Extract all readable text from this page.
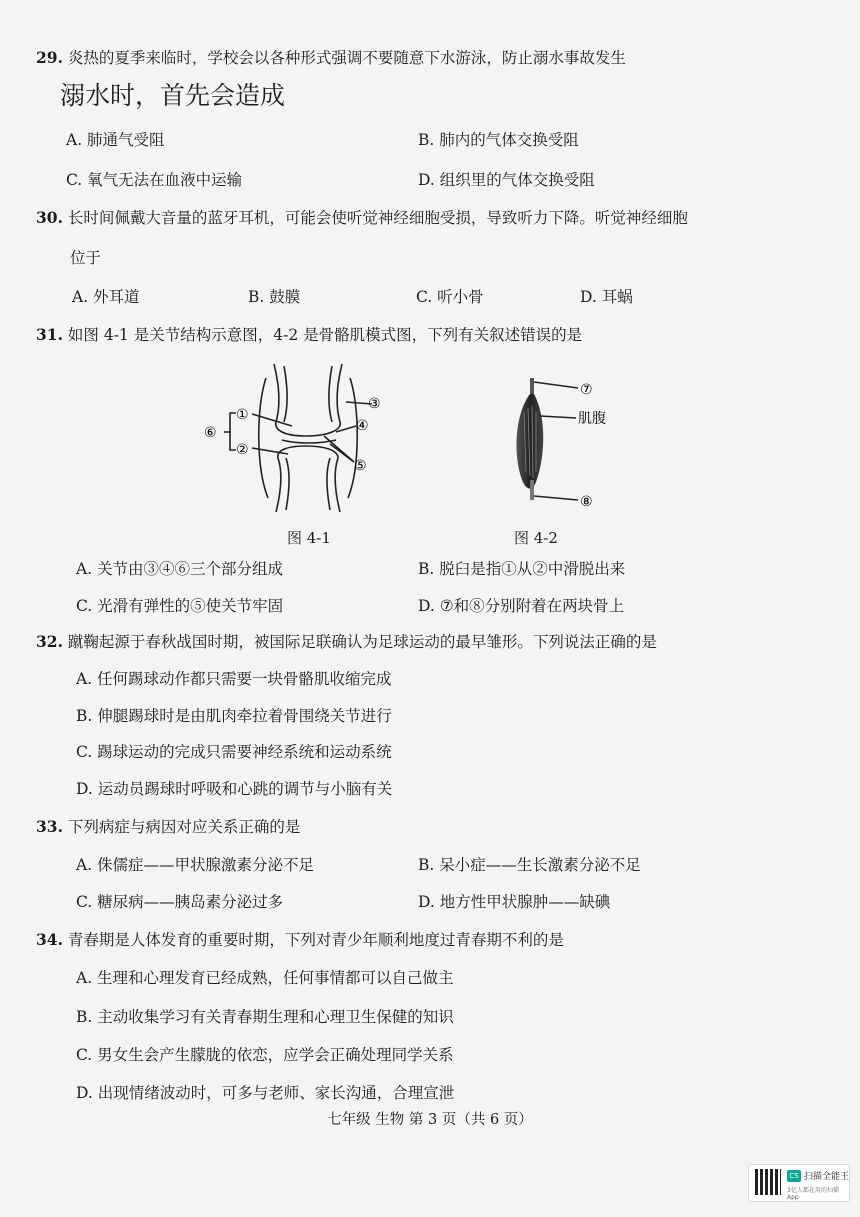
29. 炎热的夏季来临时，学校会以各种形式强调不要随意下水游泳，防止溺水事故发生
溺水时，首先会造成
A. 肺通气受阻	B. 肺内的气体交换受阻
C. 氧气无法在血液中运输	D. 组织里的气体交换受阻
30. 长时间佩戴大音量的蓝牙耳机，可能会使听觉神经细胞受损，导致听力下降。听觉神经细胞
位于
A. 外耳道	B. 鼓膜	C. 听小骨	D. 耳蜗
31. 如图 4-1 是关节结构示意图，4-2 是骨骼肌模式图，下列有关叙述错误的是
①
②
③
④
⑤
⑥
图 4-1
⑦
肌腹
⑧
图 4-2
A. 关节由③④⑥三个部分组成	B. 脱臼是指①从②中滑脱出来
C. 光滑有弹性的⑤使关节牢固	D. ⑦和⑧分别附着在两块骨上
32. 蹴鞠起源于春秋战国时期，被国际足联确认为足球运动的最早雏形。下列说法正确的是
A. 任何踢球动作都只需要一块骨骼肌收缩完成
B. 伸腿踢球时是由肌肉牵拉着骨围绕关节进行
C. 踢球运动的完成只需要神经系统和运动系统
D. 运动员踢球时呼吸和心跳的调节与小脑有关
33. 下列病症与病因对应关系正确的是
A. 侏儒症——甲状腺激素分泌不足	B. 呆小症——生长激素分泌不足
C. 糖尿病——胰岛素分泌过多	D. 地方性甲状腺肿——缺碘
34. 青春期是人体发育的重要时期，下列对青少年顺利地度过青春期不利的是
A. 生理和心理发育已经成熟，任何事情都可以自己做主
B. 主动收集学习有关青春期生理和心理卫生保健的知识
C. 男女生会产生朦胧的依恋，应学会正确处理同学关系
D. 出现情绪波动时，可多与老师、家长沟通，合理宣泄
七年级 生物 第 3 页（共 6 页）
CS 扫描全能王
3亿人都在用的扫描App
